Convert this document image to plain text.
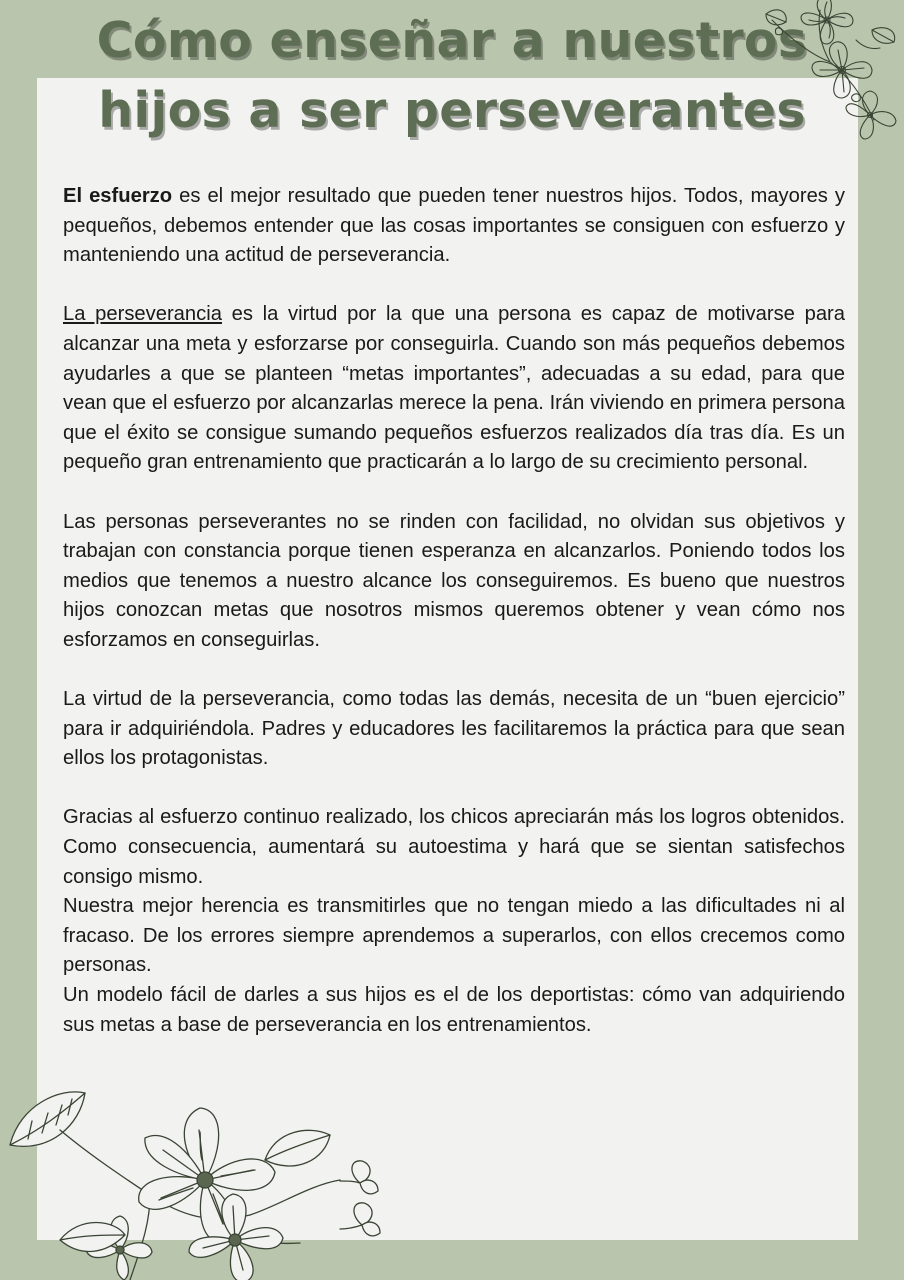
Cómo enseñar a nuestros
hijos a ser perseverantes

El esfuerzo es el mejor resultado que pueden tener nuestros hijos. Todos, mayores y pequeños, debemos entender que las cosas importantes se consiguen con esfuerzo y manteniendo una actitud de perseverancia.

La perseverancia es la virtud por la que una persona es capaz de motivarse para alcanzar una meta y esforzarse por conseguirla. Cuando son más pequeños debemos ayudarles a que se planteen “metas importantes”, adecuadas a su edad, para que vean que el esfuerzo por alcanzarlas merece la pena. Irán viviendo en primera persona que el éxito se consigue sumando pequeños esfuerzos realizados día tras día. Es un pequeño gran entrenamiento que practicarán a lo largo de su crecimiento personal.

Las personas perseverantes no se rinden con facilidad, no olvidan sus objetivos y trabajan con constancia porque tienen esperanza en alcanzarlos. Poniendo todos los medios que tenemos a nuestro alcance los conseguiremos. Es bueno que nuestros hijos conozcan metas que nosotros mismos queremos obtener y vean cómo nos esforzamos en conseguirlas.

La virtud de la perseverancia, como todas las demás, necesita de un “buen ejercicio” para ir adquiriéndola. Padres y educadores les facilitaremos la práctica para que sean ellos los protagonistas.

Gracias al esfuerzo continuo realizado, los chicos apreciarán más los logros obtenidos. Como consecuencia, aumentará su autoestima y hará que se sientan satisfechos consigo mismo.

Nuestra mejor herencia es transmitirles que no tengan miedo a las dificultades ni al fracaso. De los errores siempre aprendemos a superarlos, con ellos crecemos como personas.

Un modelo fácil de darles a sus hijos es el de los deportistas: cómo van adquiriendo sus metas a base de perseverancia en los entrenamientos.
